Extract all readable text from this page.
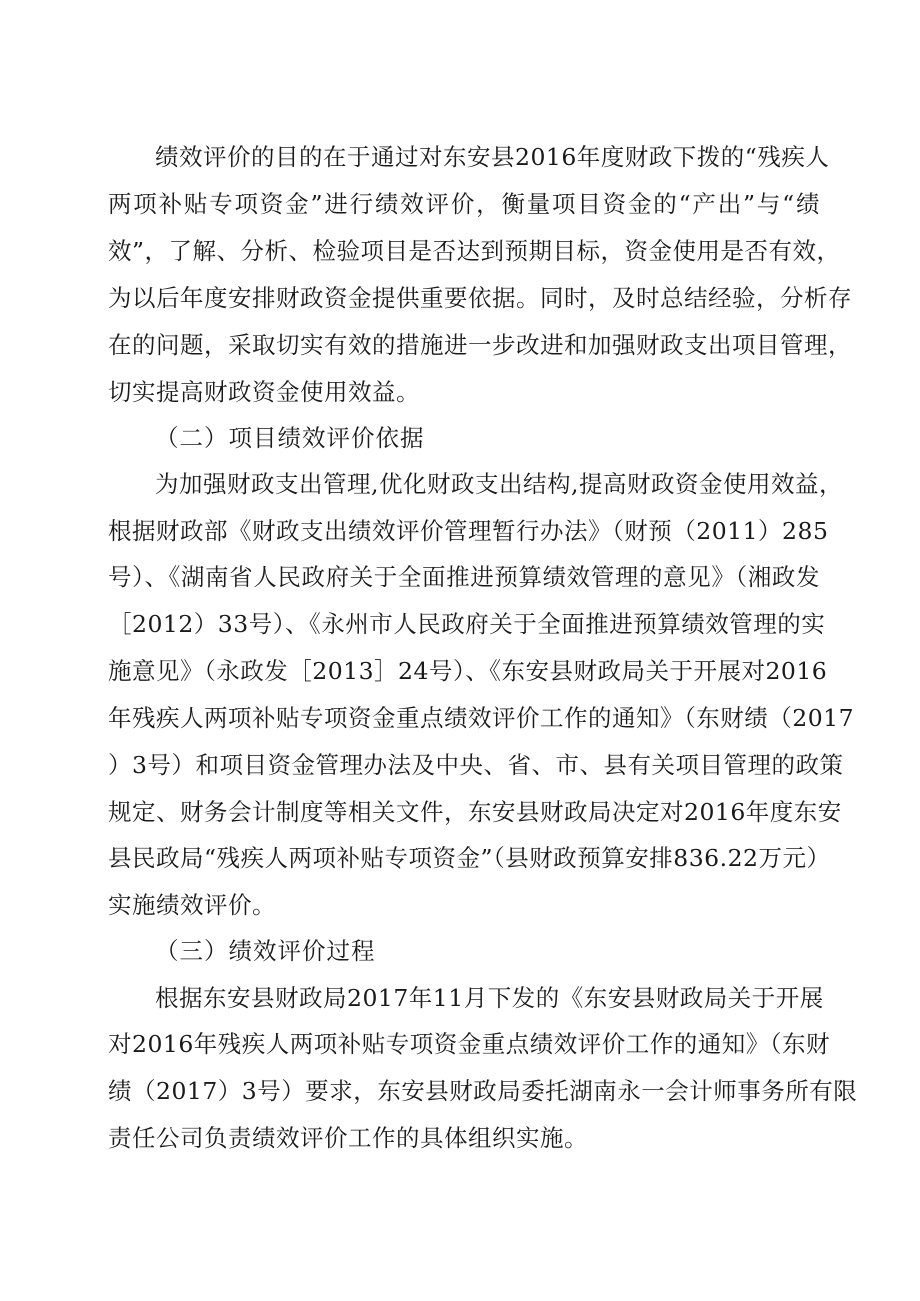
绩效评价的目的在于通过对东安县2016年度财政下拨的“残疾人

两项补贴专项资金”进行绩效评价，衡量项目资金的“产出”与“绩

效”，了解、分析、检验项目是否达到预期目标，资金使用是否有效，

为以后年度安排财政资金提供重要依据。同时，及时总结经验，分析存

在的问题，采取切实有效的措施进一步改进和加强财政支出项目管理，

切实提高财政资金使用效益。

（二）项目绩效评价依据

为加强财政支出管理,优化财政支出结构,提高财政资金使用效益，

根据财政部《财政支出绩效评价管理暂行办法》（财预（2011）285

号）、《湖南省人民政府关于全面推进预算绩效管理的意见》（湘政发

［2012）33号）、《永州市人民政府关于全面推进预算绩效管理的实

施意见》（永政发［2013］24号）、《东安县财政局关于开展对2016

年残疾人两项补贴专项资金重点绩效评价工作的通知》（东财绩（2017

）3号）和项目资金管理办法及中央、省、市、县有关项目管理的政策

规定、财务会计制度等相关文件，东安县财政局决定对2016年度东安

县民政局“残疾人两项补贴专项资金”（县财政预算安排836.22万元）

实施绩效评价。

（三）绩效评价过程

根据东安县财政局2017年11月下发的《东安县财政局关于开展

对2016年残疾人两项补贴专项资金重点绩效评价工作的通知》（东财

绩（2017）3号）要求，东安县财政局委托湖南永一会计师事务所有限

责任公司负责绩效评价工作的具体组织实施。
